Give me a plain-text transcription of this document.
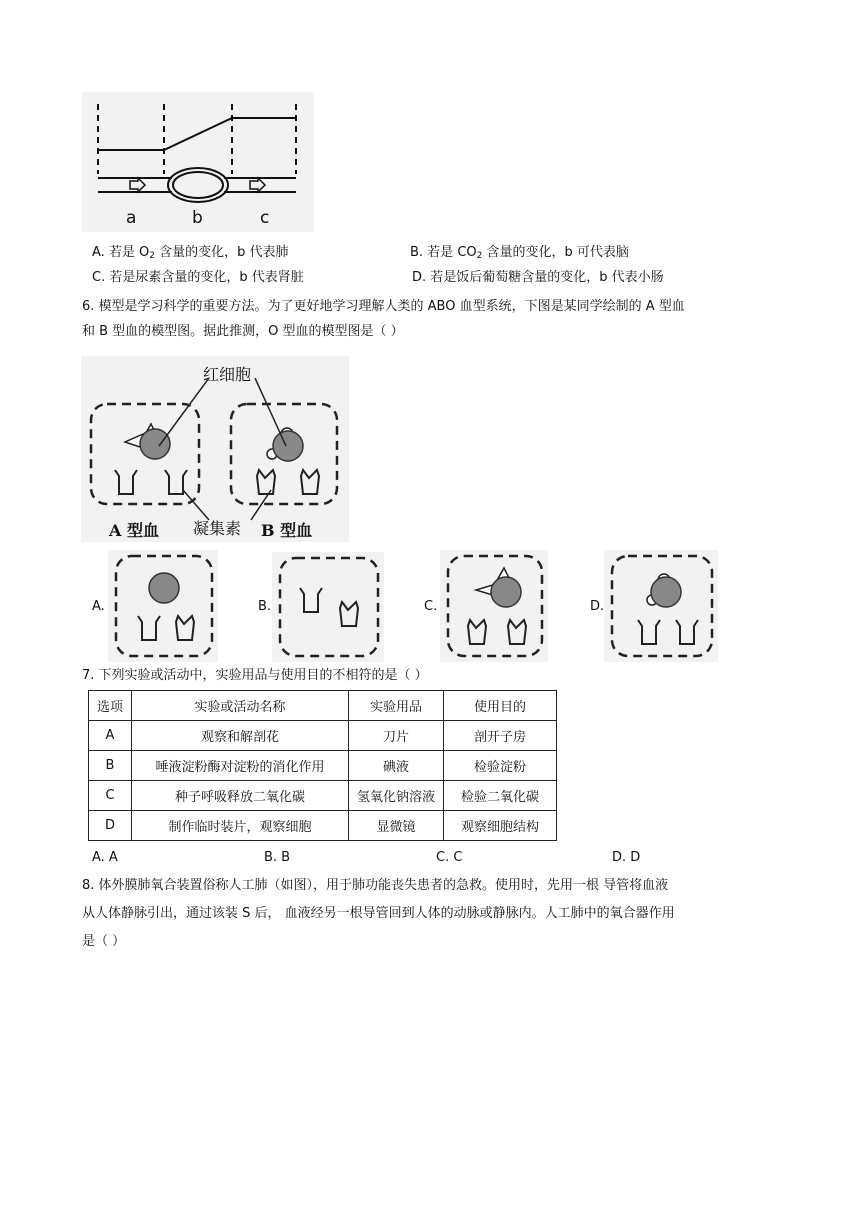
a	b	c
A. 若是 $O_2$ 含量的变化，b 代表肺	B. 若是 $CO_2$ 含量的变化，b 可代表脑
C. 若是尿素含量的变化，b 代表肾脏	D. 若是饭后葡萄糖含量的变化，b 代表小肠
6. 模型是学习科学的重要方法。为了更好地学习理解人类的 ABO 血型系统，下图是某同学绘制的 A 型血
和 B 型血的模型图。据此推测，O 型血的模型图是（ ）
红细胞
凝集素
A 型血	B 型血
A.	B.	C.	D.
7. 下列实验或活动中，实验用品与使用目的不相符的是（ ）
选项	实验或活动名称	实验用品	使用目的
A	观察和解剖花	刀片	剖开子房
B	唾液淀粉酶对淀粉的消化作用	碘液	检验淀粉
C	种子呼吸释放二氧化碳	氢氧化钠溶液	检验二氧化碳
D	制作临时装片，观察细胞	显微镜	观察细胞结构
A. A	B. B	C. C	D. D
8. 体外膜肺氧合装置俗称人工肺（如图），用于肺功能丧失患者的急救。使用时，先用一根 导管将血液
从人体静脉引出，通过该装 S 后， 血液经另一根导管回到人体的动脉或静脉内。人工肺中的氧合器作用
是（ ）
